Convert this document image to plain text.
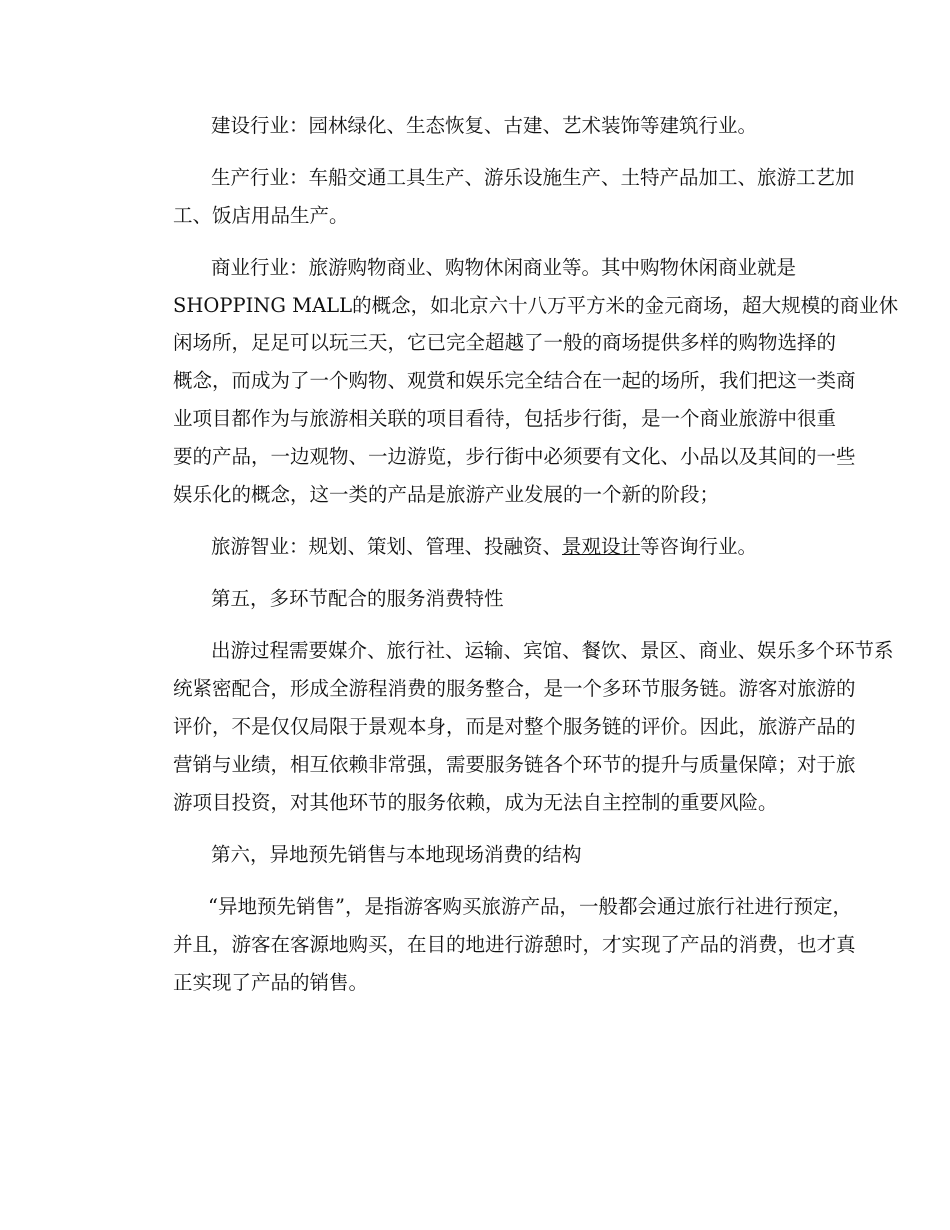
建设行业：园林绿化、生态恢复、古建、艺术装饰等建筑行业。
生产行业：车船交通工具生产、游乐设施生产、土特产品加工、旅游工艺加
工、饭店用品生产。
商业行业：旅游购物商业、购物休闲商业等。其中购物休闲商业就是
SHOPPING MALL的概念，如北京六十八万平方米的金元商场，超大规模的商业休
闲场所，足足可以玩三天，它已完全超越了一般的商场提供多样的购物选择的
概念，而成为了一个购物、观赏和娱乐完全结合在一起的场所，我们把这一类商
业项目都作为与旅游相关联的项目看待，包括步行街，是一个商业旅游中很重
要的产品，一边观物、一边游览，步行街中必须要有文化、小品以及其间的一些
娱乐化的概念，这一类的产品是旅游产业发展的一个新的阶段；
旅游智业：规划、策划、管理、投融资、景观设计等咨询行业。
第五，多环节配合的服务消费特性
出游过程需要媒介、旅行社、运输、宾馆、餐饮、景区、商业、娱乐多个环节系
统紧密配合，形成全游程消费的服务整合，是一个多环节服务链。游客对旅游的
评价，不是仅仅局限于景观本身，而是对整个服务链的评价。因此，旅游产品的
营销与业绩，相互依赖非常强，需要服务链各个环节的提升与质量保障；对于旅
游项目投资，对其他环节的服务依赖，成为无法自主控制的重要风险。
第六，异地预先销售与本地现场消费的结构
“异地预先销售”，是指游客购买旅游产品，一般都会通过旅行社进行预定，
并且，游客在客源地购买，在目的地进行游憩时，才实现了产品的消费，也才真
正实现了产品的销售。
